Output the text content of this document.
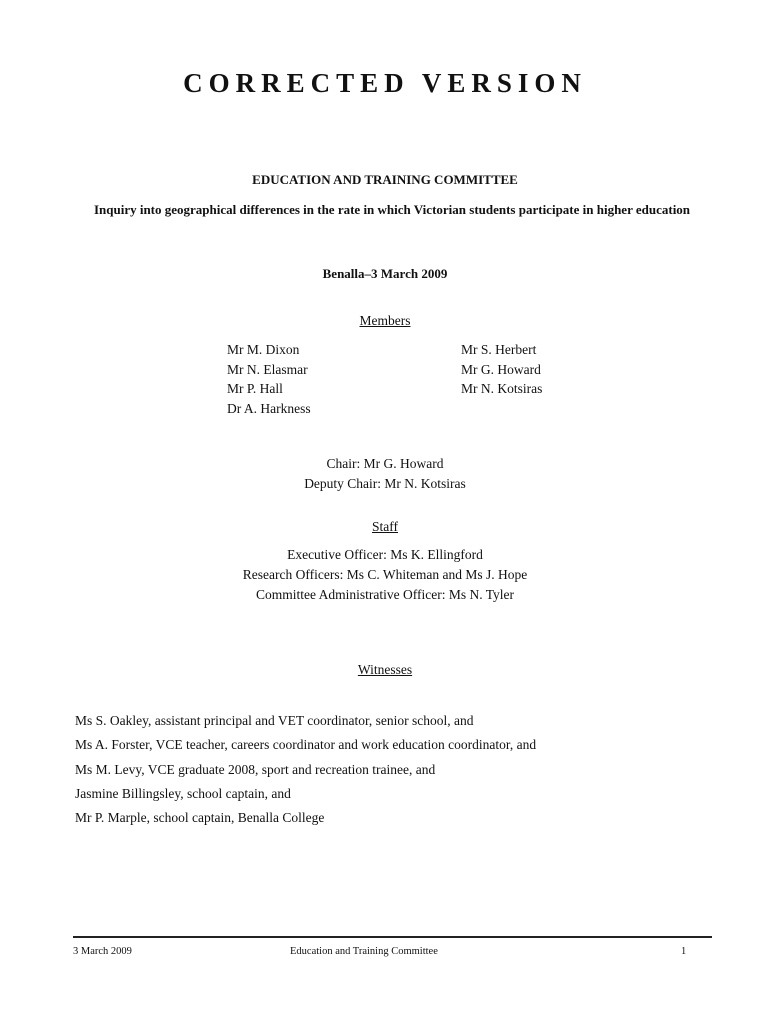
CORRECTED VERSION
EDUCATION AND TRAINING COMMITTEE
Inquiry into geographical differences in the rate in which Victorian students participate in higher education
Benalla–3 March 2009
Members
Mr M. Dixon
Mr N. Elasmar
Mr P. Hall
Dr A. Harkness
Mr S. Herbert
Mr G. Howard
Mr N. Kotsiras
Chair: Mr G. Howard
Deputy Chair: Mr N. Kotsiras
Staff
Executive Officer: Ms K. Ellingford
Research Officers: Ms C. Whiteman and Ms J. Hope
Committee Administrative Officer: Ms N. Tyler
Witnesses
Ms S. Oakley, assistant principal and VET coordinator, senior school, and
Ms A. Forster, VCE teacher, careers coordinator and work education coordinator, and
Ms M. Levy, VCE graduate 2008, sport and recreation trainee, and
Jasmine Billingsley, school captain, and
Mr P. Marple, school captain, Benalla College
3 March 2009	Education and Training Committee	1
